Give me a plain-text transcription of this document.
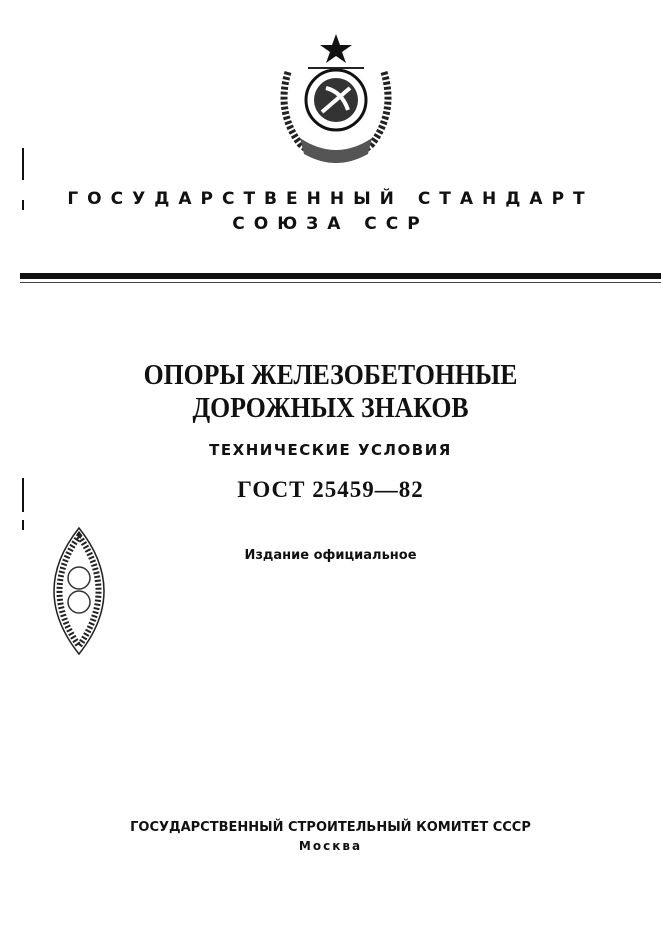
ГОСУДАРСТВЕННЫЙ СТАНДАРТ
СОЮЗА ССР
ОПОРЫ ЖЕЛЕЗОБЕТОННЫЕ
ДОРОЖНЫХ ЗНАКОВ
ТЕХНИЧЕСКИЕ УСЛОВИЯ
ГОСТ 25459—82
Издание официальное
ГОСУДАРСТВЕННЫЙ СТРОИТЕЛЬНЫЙ КОМИТЕТ СССР
Москва
